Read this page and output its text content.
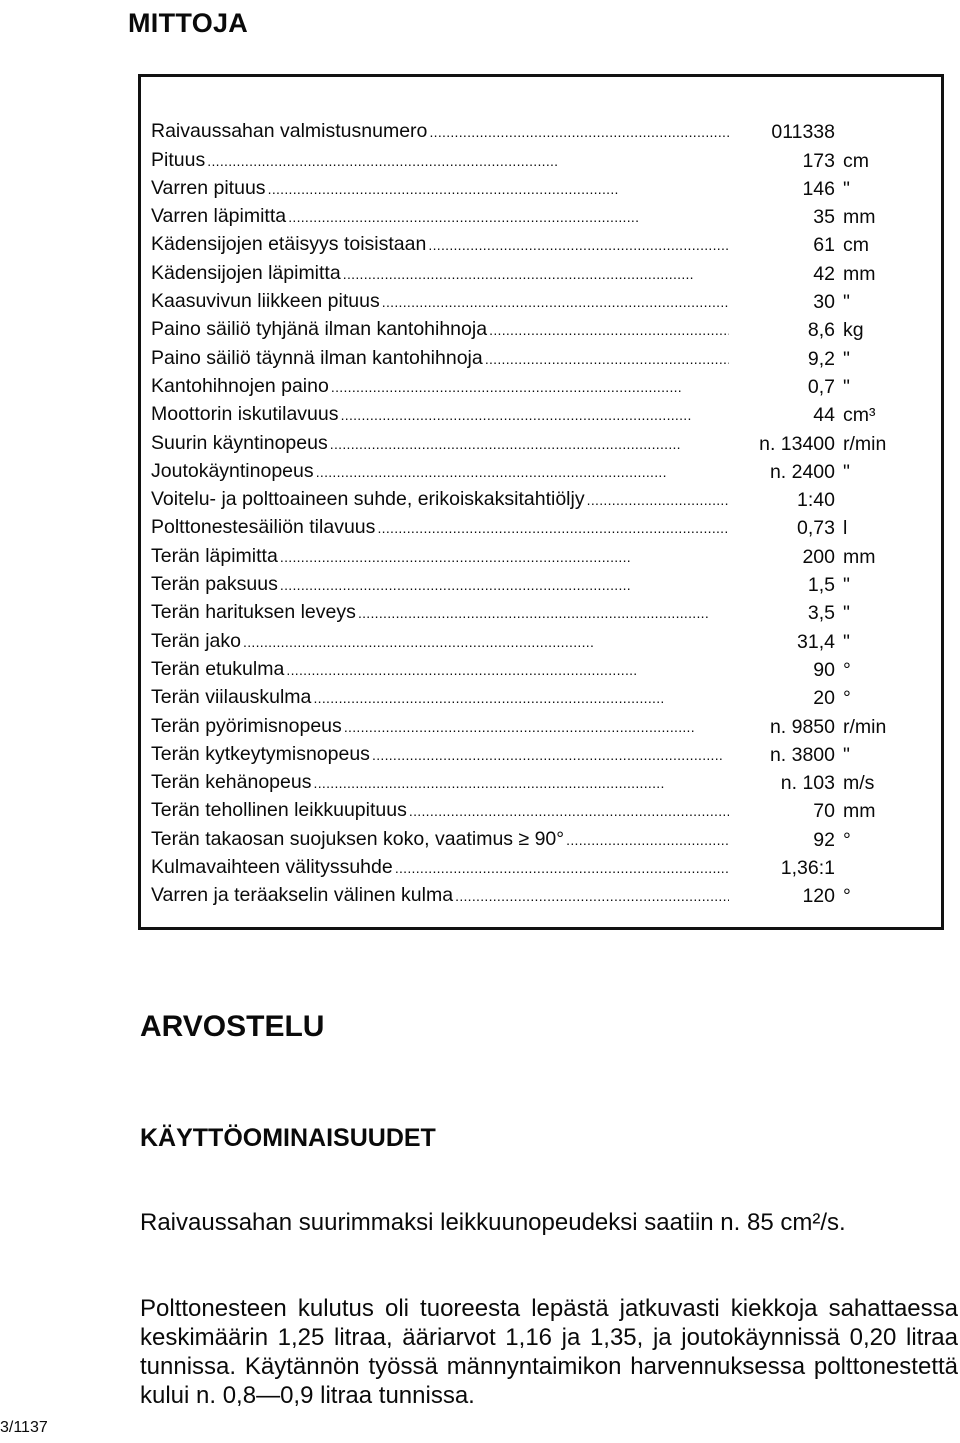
MITTOJA
Raivaussahan valmistusnumero . . .	011338
Pituus . . .	173 cm
Varren pituus . . .	146 "
Varren läpimitta . . .	35 mm
Kädensijojen etäisyys toisistaan . . .	61 cm
Kädensijojen läpimitta . . .	42 mm
Kaasuvivun liikkeen pituus . . .	30 "
Paino säiliö tyhjänä ilman kantohihnoja . . .	8,6 kg
Paino säiliö täynnä ilman kantohihnoja . . .	9,2 "
Kantohihnojen paino . . .	0,7 "
Moottorin iskutilavuus . . .	44 cm³
Suurin käyntinopeus . . .	n. 13400 r/min
Joutokäyntinopeus . . .	n. 2400 "
Voitelu- ja polttoaineen suhde, erikoiskaksitahtiöljy . . .	1:40
Polttonestesäiliön tilavuus . . .	0,73 l
Terän läpimitta . . .	200 mm
Terän paksuus . . .	1,5 "
Terän harituksen leveys . . .	3,5 "
Terän jako . . .	31,4 "
Terän etukulma . . .	90 °
Terän viilauskulma . . .	20 °
Terän pyörimisnopeus . . .	n. 9850 r/min
Terän kytkeytymisnopeus . . .	n. 3800 "
Terän kehänopeus . . .	n. 103 m/s
Terän tehollinen leikkuupituus . . .	70 mm
Terän takaosan suojuksen koko, vaatimus ≥ 90° . . .	92 °
Kulmavaihteen välityssuhde . . .	1,36:1
Varren ja teräakselin välinen kulma . . .	120 °
ARVOSTELU
KÄYTTÖOMINAISUUDET
Raivaussahan suurimmaksi leikkuunopeudeksi saatiin n. 85 cm²/s.
Polttonesteen kulutus oli tuoreesta lepästä jatkuvasti kiekkoja sahattaessa keskimäärin 1,25 litraa, ääriarvot 1,16 ja 1,35, ja joutokäynnissä 0,20 litraa tunnissa. Käytännön työssä männyntaimikon harvennuksessa polttonestettä kului n. 0,8—0,9 litraa tunnissa.
3/1137
